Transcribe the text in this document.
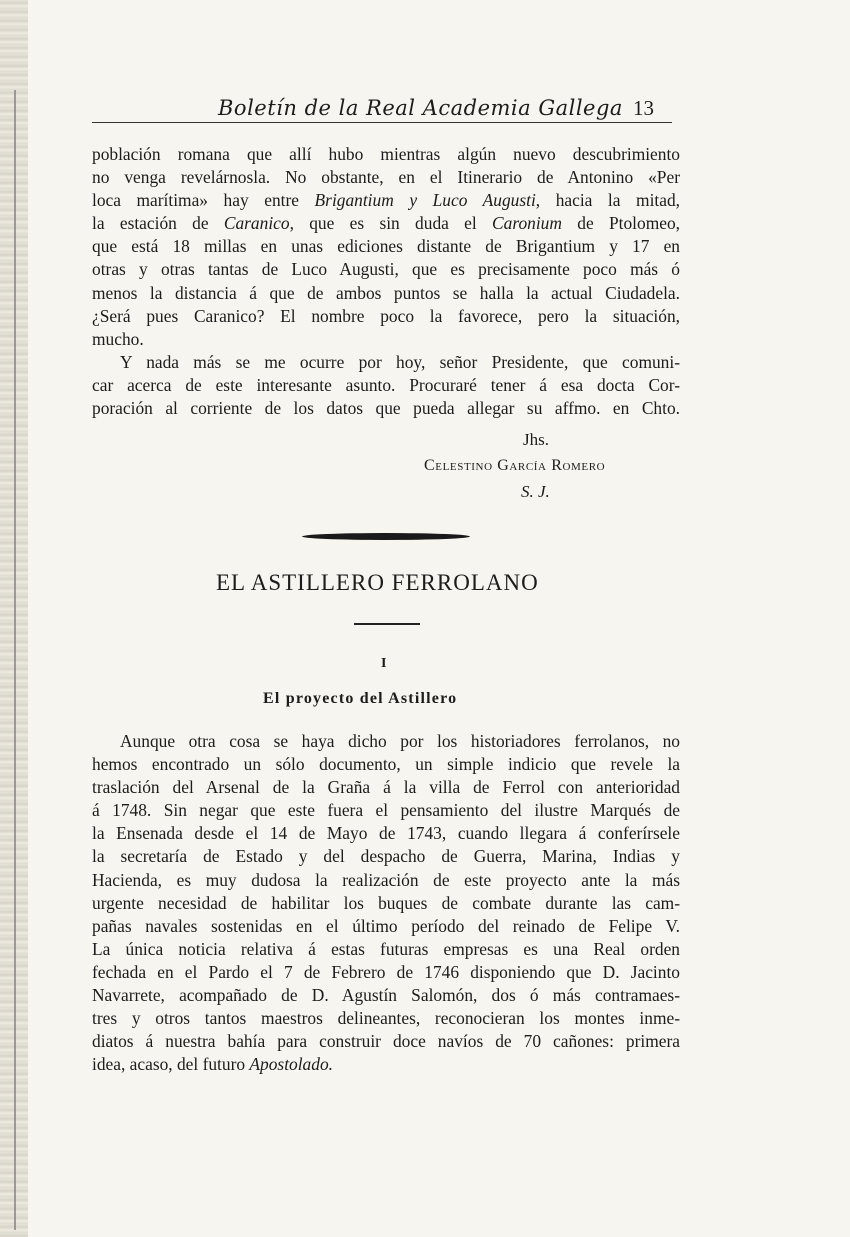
Boletín de la Real Academia Gallega 13
población romana que allí hubo mientras algún nuevo descubrimiento
no venga revelárnosla. No obstante, en el Itinerario de Antonino «Per
loca marítima» hay entre Brigantium y Luco Augusti, hacia la mitad,
la estación de Caranico, que es sin duda el Caronium de Ptolomeo,
que está 18 millas en unas ediciones distante de Brigantium y 17 en
otras y otras tantas de Luco Augusti, que es precisamente poco más ó
menos la distancia á que de ambos puntos se halla la actual Ciudadela.
¿Será pues Caranico? El nombre poco la favorece, pero la situación,
mucho.
Y nada más se me ocurre por hoy, señor Presidente, que comuni-
car acerca de este interesante asunto. Procuraré tener á esa docta Cor-
poración al corriente de los datos que pueda allegar su affmo. en Chto.
Jhs.
Celestino García Romero
S. J.
EL ASTILLERO FERROLANO
I
El proyecto del Astillero
Aunque otra cosa se haya dicho por los historiadores ferrolanos, no
hemos encontrado un sólo documento, un simple indicio que revele la
traslación del Arsenal de la Graña á la villa de Ferrol con anterioridad
á 1748. Sin negar que este fuera el pensamiento del ilustre Marqués de
la Ensenada desde el 14 de Mayo de 1743, cuando llegara á conferírsele
la secretaría de Estado y del despacho de Guerra, Marina, Indias y
Hacienda, es muy dudosa la realización de este proyecto ante la más
urgente necesidad de habilitar los buques de combate durante las cam-
pañas navales sostenidas en el último período del reinado de Felipe V.
La única noticia relativa á estas futuras empresas es una Real orden
fechada en el Pardo el 7 de Febrero de 1746 disponiendo que D. Jacinto
Navarrete, acompañado de D. Agustín Salomón, dos ó más contramaes-
tres y otros tantos maestros delineantes, reconocieran los montes inme-
diatos á nuestra bahía para construir doce navíos de 70 cañones: primera
idea, acaso, del futuro Apostolado.
